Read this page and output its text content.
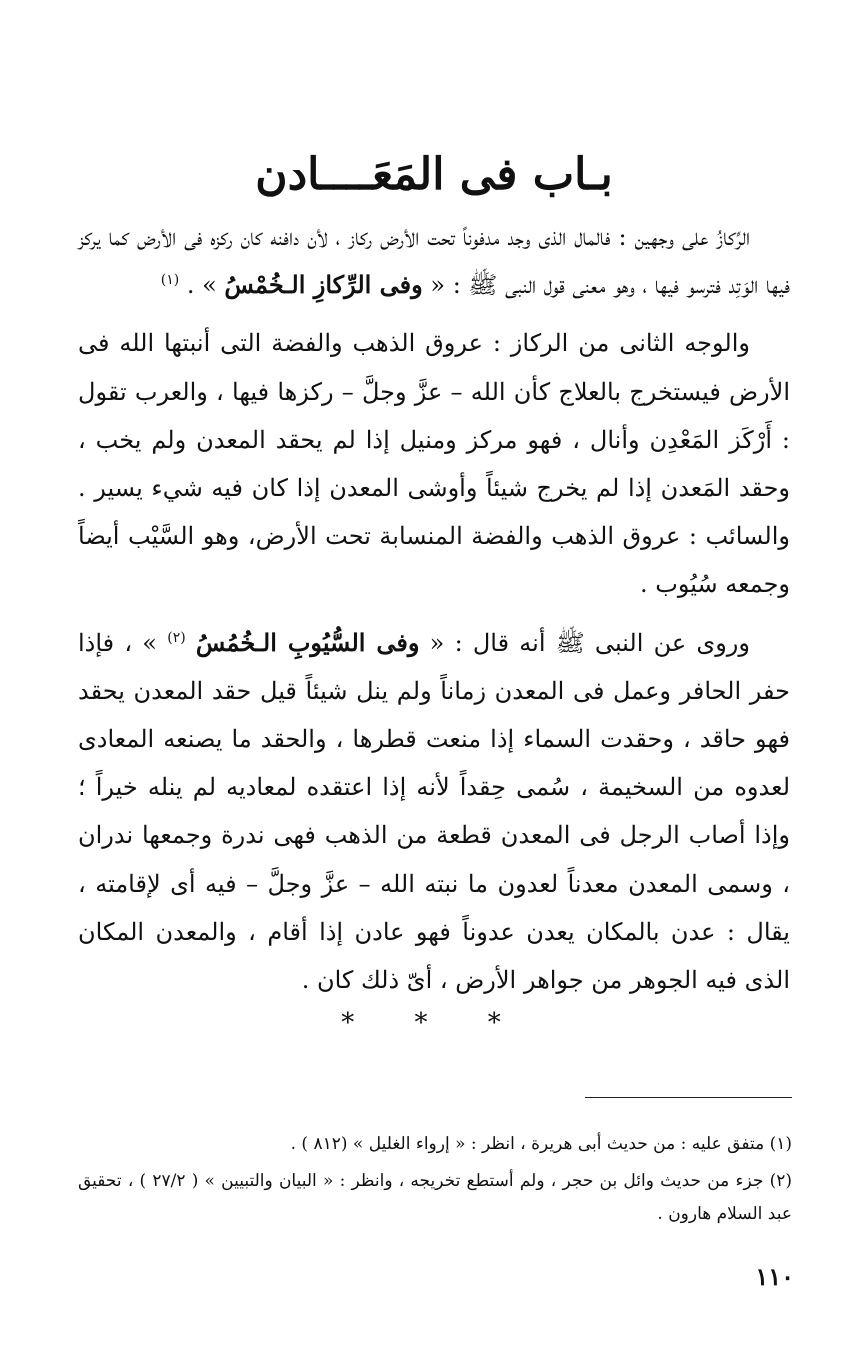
بـاب فى المَعَــــادن

الرِّكازُ على وجهين : فالمال الذى وجد مدفوناً تحت الأرض ركاز ، لأن دافنه كان ركزه فى الأرض كما يركز فيها الوَتِد فترسو فيها ، وهو معنى قول النبى ﷺ : « وفى الرِّكازِ الـخُمْسُ » . $^{(١)}$

والوجه الثانى من الركاز : عروق الذهب والفضة التى أنبتها الله فى الأرض فيستخرج بالعلاج كأن الله – عزَّ وجلَّ – ركزها فيها ، والعرب تقول : أَرْكَز المَعْدِن وأنال ، فهو مركز ومنيل إذا لم يحقد المعدن ولم يخب ، وحقد المَعدن إذا لم يخرج شيئاً وأوشى المعدن إذا كان فيه شيء يسير . والسائب : عروق الذهب والفضة المنسابة تحت الأرض، وهو السَّيْب أيضاً وجمعه سُيُوب .

وروى عن النبى ﷺ أنه قال : « وفى السُّيُوبِ الـخُمُسُ $^{(٢)}$ » ، فإذا حفر الحافر وعمل فى المعدن زماناً ولم ينل شيئاً قيل حقد المعدن يحقد فهو حاقد ، وحقدت السماء إذا منعت قطرها ، والحقد ما يصنعه المعادى لعدوه من السخيمة ، سُمى حِقداً لأنه إذا اعتقده لمعاديه لم ينله خيراً ؛ وإذا أصاب الرجل فى المعدن قطعة من الذهب فهى ندرة وجمعها ندران ، وسمى المعدن معدناً لعدون ما نبته الله – عزَّ وجلَّ – فيه أى لإقامته ، يقال : عدن بالمكان يعدن عدوناً فهو عادن إذا أقام ، والمعدن المكان الذى فيه الجوهر من جواهر الأرض ، أىّ ذلك كان .

* * *

(١) متفق عليه : من حديث أبى هريرة ، انظر : « إرواء الغليل » (٨١٢ ) .

(٢) جزء من حديث وائل بن حجر ، ولم أستطع تخريجه ، وانظر : « البيان والتبيين » ( ٢٧/٢ ) ، تحقيق عبد السلام هارون .

١١٠
